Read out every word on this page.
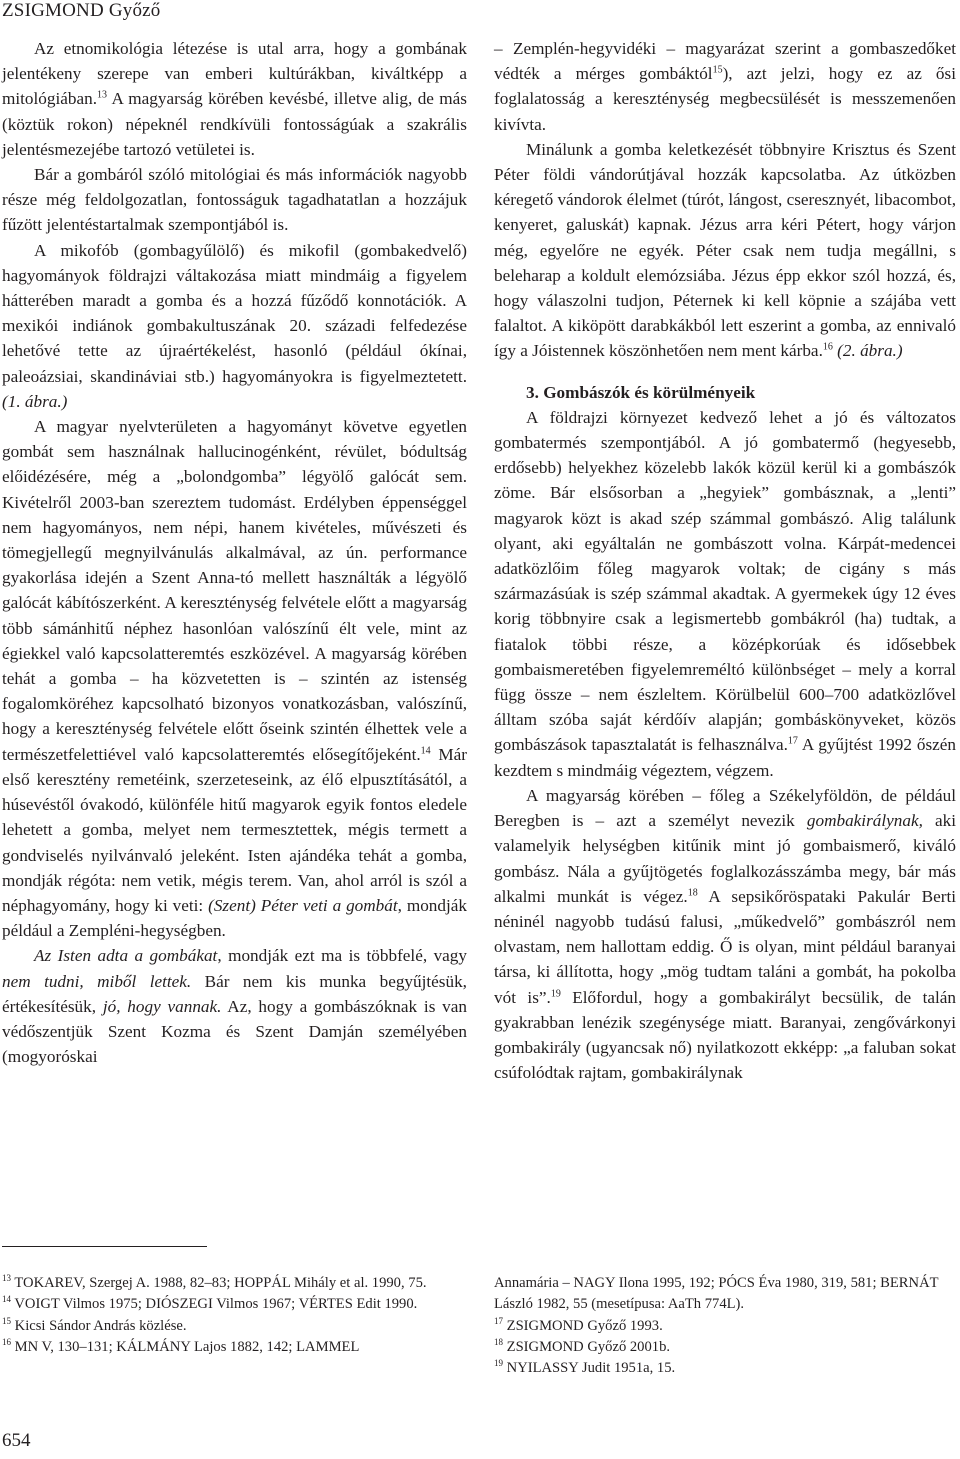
ZSIGMOND Győző

Az etnomikológia létezése is utal arra, hogy a gombának jelentékeny szerepe van emberi kultúrákban, kiváltképp a mitológiában.$^{13}$ A magyarság körében kevésbé, illetve alig, de más (köztük rokon) népeknél rendkívüli fontosságúak a szakrális jelentésmezejébe tartozó vetületei is.

Bár a gombáról szóló mitológiai és más információk nagyobb része még feldolgozatlan, fontosságuk tagadhatatlan a hozzájuk fűzött jelentéstartalmak szempontjából is.

A mikofób (gombagyűlölő) és mikofil (gombakedvelő) hagyományok földrajzi váltakozása miatt mindmáig a figyelem hátterében maradt a gomba és a hozzá fűződő konnotációk. A mexikói indiánok gombakultuszának 20. századi felfedezése lehetővé tette az újraértékelést, hasonló (például ókínai, paleoázsiai, skandináviai stb.) hagyományokra is figyelmeztetett. (1. ábra.)

A magyar nyelvterületen a hagyományt követve egyetlen gombát sem használnak hallucinogénként, révület, bódultság előidézésére, még a „bolondgomba” légyölő galócát sem. Kivételről 2003-ban szereztem tudomást. Erdélyben éppenséggel nem hagyományos, nem népi, hanem kivételes, művészeti és tömegjellegű megnyilvánulás alkalmával, az ún. performance gyakorlása idején a Szent Anna-tó mellett használták a légyölő galócát kábítószerként. A kereszténység felvétele előtt a magyarság több sámánhitű néphez hasonlóan valószínű élt vele, mint az égiekkel való kapcsolatteremtés eszközével. A magyarság körében tehát a gomba – ha közvetetten is – szintén az istenség fogalomköréhez kapcsolható bizonyos vonatkozásban, valószínű, hogy a kereszténység felvétele előtt őseink szintén élhettek vele a természetfelettiével való kapcsolatteremtés elősegítőjeként.$^{14}$ Már első keresztény remetéink, szerzeteseink, az élő elpusztításától, a húsevéstől óvakodó, különféle hitű magyarok egyik fontos eledele lehetett a gomba, melyet nem termesztettek, mégis termett a gondviselés nyilvánvaló jeleként. Isten ajándéka tehát a gomba, mondják régóta: nem vetik, mégis terem. Van, ahol arról is szól a néphagyomány, hogy ki veti: (Szent) Péter veti a gombát, mondják például a Zempléni-hegységben.

Az Isten adta a gombákat, mondják ezt ma is többfelé, vagy nem tudni, miből lettek. Bár nem kis munka begyűjtésük, értékesítésük, jó, hogy vannak. Az, hogy a gombászóknak is van védőszentjük Szent Kozma és Szent Damján személyében (mogyoróskai

– Zemplén-hegyvidéki – magyarázat szerint a gombaszedőket védték a mérges gombáktól$^{15}$), azt jelzi, hogy ez az ősi foglalatosság a kereszténység megbecsülését is messzemenően kivívta.

Minálunk a gomba keletkezését többnyire Krisztus és Szent Péter földi vándorútjával hozzák kapcsolatba. Az útközben kéregető vándorok élelmet (túrót, lángost, cseresznyét, libacombot, kenyeret, galuskát) kapnak. Jézus arra kéri Pétert, hogy várjon még, egyelőre ne egyék. Péter csak nem tudja megállni, s beleharap a koldult elemózsiába. Jézus épp ekkor szól hozzá, és, hogy válaszolni tudjon, Péternek ki kell köpnie a szájába vett falaltot. A kiköpött darabkákból lett eszerint a gomba, az ennivaló így a Jóistennek köszönhetően nem ment kárba.$^{16}$ (2. ábra.)

3. Gombászók és körülményeik

A földrajzi környezet kedvező lehet a jó és változatos gombatermés szempontjából. A jó gombatermő (hegyesebb, erdősebb) helyekhez közelebb lakók közül kerül ki a gombászók zöme. Bár elsősorban a „hegyiek” gombásznak, a „lenti” magyarok közt is akad szép számmal gombászó. Alig találunk olyant, aki egyáltalán ne gombászott volna. Kárpát-medencei adatközlőim főleg magyarok voltak; de cigány s más származásúak is szép számmal akadtak. A gyermekek úgy 12 éves korig többnyire csak a legismertebb gombákról (ha) tudtak, a fiatalok többi része, a középkorúak és idősebbek gombaismeretében figyelemreméltó különbséget – mely a korral függ össze – nem észleltem. Körülbelül 600–700 adatközlővel álltam szóba saját kérdőív alapján; gombáskönyveket, közös gombászások tapasztalatát is felhasználva.$^{17}$ A gyűjtést 1992 őszén kezdtem s mindmáig végeztem, végzem.

A magyarság körében – főleg a Székelyföldön, de például Beregben is – azt a személyt nevezik gombakirálynak, aki valamelyik helységben kitűnik mint jó gombaismerő, kiváló gombász. Nála a gyűjtögetés foglalkozásszámba megy, bár más alkalmi munkát is végez.$^{18}$ A sepsikőröspataki Pakulár Berti néninél nagyobb tudású falusi, „műkedvelő” gombászról nem olvastam, nem hallottam eddig. Ő is olyan, mint például baranyai társa, ki állította, hogy „mög tudtam taláni a gombát, ha pokolba vót is”.$^{19}$ Előfordul, hogy a gombakirályt becsülik, de talán gyakrabban lenézik szegénysége miatt. Baranyai, zengővárkonyi gombakirály (ugyancsak nő) nyilatkozott ekképp: „a faluban sokat csúfolódtak rajtam, gombakirálynak

$^{13}$ TOKAREV, Szergej A. 1988, 82–83; HOPPÁL Mihály et al. 1990, 75.

$^{14}$ VOIGT Vilmos 1975; DIÓSZEGI Vilmos 1967; VÉRTES Edit 1990.

$^{15}$ Kicsi Sándor András közlése.

$^{16}$ MN V, 130–131; KÁLMÁNY Lajos 1882, 142; LAMMEL

Annamária – NAGY Ilona 1995, 192; PÓCS Éva 1980, 319, 581; BERNÁT László 1982, 55 (mesetípusa: AaTh 774L).

$^{17}$ ZSIGMOND Győző 1993.

$^{18}$ ZSIGMOND Győző 2001b.

$^{19}$ NYILASSY Judit 1951a, 15.

654
